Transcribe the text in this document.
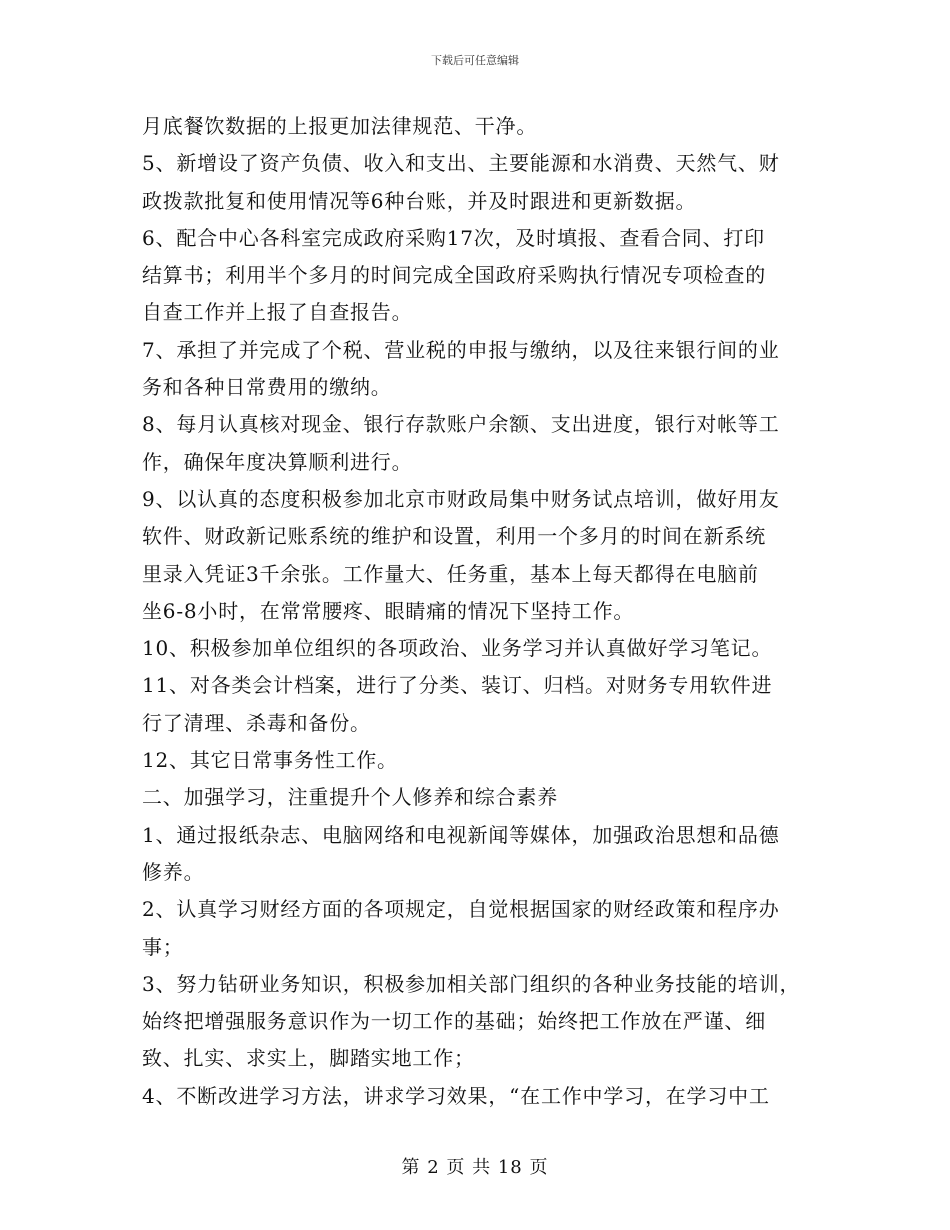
下载后可任意编辑
月底餐饮数据的上报更加法律规范、干净。
5、新增设了资产负债、收入和支出、主要能源和水消费、天然气、财
政拨款批复和使用情况等6种台账，并及时跟进和更新数据。
6、配合中心各科室完成政府采购17次，及时填报、查看合同、打印
结算书；利用半个多月的时间完成全国政府采购执行情况专项检查的
自查工作并上报了自查报告。
7、承担了并完成了个税、营业税的申报与缴纳，以及往来银行间的业
务和各种日常费用的缴纳。
8、每月认真核对现金、银行存款账户余额、支出进度，银行对帐等工
作，确保年度决算顺利进行。
9、以认真的态度积极参加北京市财政局集中财务试点培训，做好用友
软件、财政新记账系统的维护和设置，利用一个多月的时间在新系统
里录入凭证3千余张。工作量大、任务重，基本上每天都得在电脑前
坐6-8小时，在常常腰疼、眼睛痛的情况下坚持工作。
10、积极参加单位组织的各项政治、业务学习并认真做好学习笔记。
11、对各类会计档案，进行了分类、装订、归档。对财务专用软件进
行了清理、杀毒和备份。
12、其它日常事务性工作。
二、加强学习，注重提升个人修养和综合素养
1、通过报纸杂志、电脑网络和电视新闻等媒体，加强政治思想和品德
修养。
2、认真学习财经方面的各项规定，自觉根据国家的财经政策和程序办
事；
3、努力钻研业务知识，积极参加相关部门组织的各种业务技能的培训，
始终把增强服务意识作为一切工作的基础；始终把工作放在严谨、细
致、扎实、求实上，脚踏实地工作；
4、不断改进学习方法，讲求学习效果，“在工作中学习，在学习中工
第 2 页 共 18 页
